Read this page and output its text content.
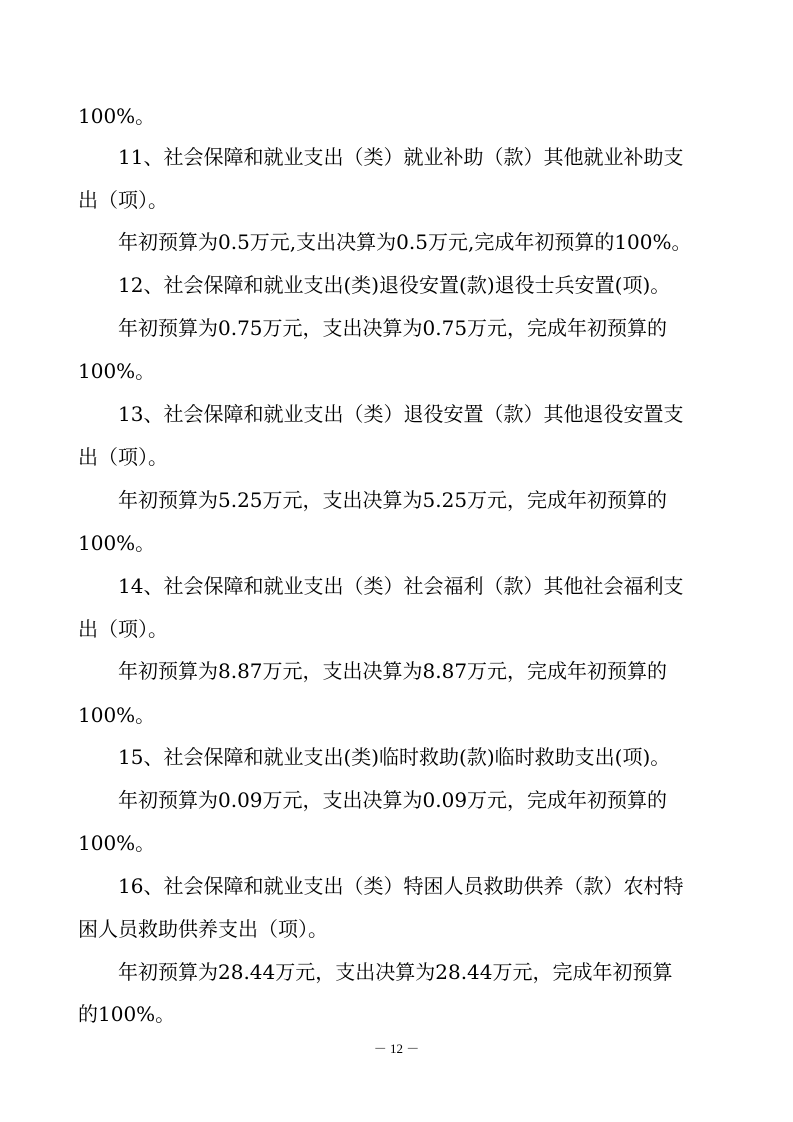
100%。
11、社会保障和就业支出（类）就业补助（款）其他就业补助支
出（项）。
年初预算为0.5万元,支出决算为0.5万元,完成年初预算的100%。
12、社会保障和就业支出(类)退役安置(款)退役士兵安置(项)。
年初预算为0.75万元，支出决算为0.75万元，完成年初预算的
100%。
13、社会保障和就业支出（类）退役安置（款）其他退役安置支
出（项）。
年初预算为5.25万元，支出决算为5.25万元，完成年初预算的
100%。
14、社会保障和就业支出（类）社会福利（款）其他社会福利支
出（项）。
年初预算为8.87万元，支出决算为8.87万元，完成年初预算的
100%。
15、社会保障和就业支出(类)临时救助(款)临时救助支出(项)。
年初预算为0.09万元，支出决算为0.09万元，完成年初预算的
100%。
16、社会保障和就业支出（类）特困人员救助供养（款）农村特
困人员救助供养支出（项）。
年初预算为28.44万元，支出决算为28.44万元，完成年初预算
的100%。
－ 12 －
